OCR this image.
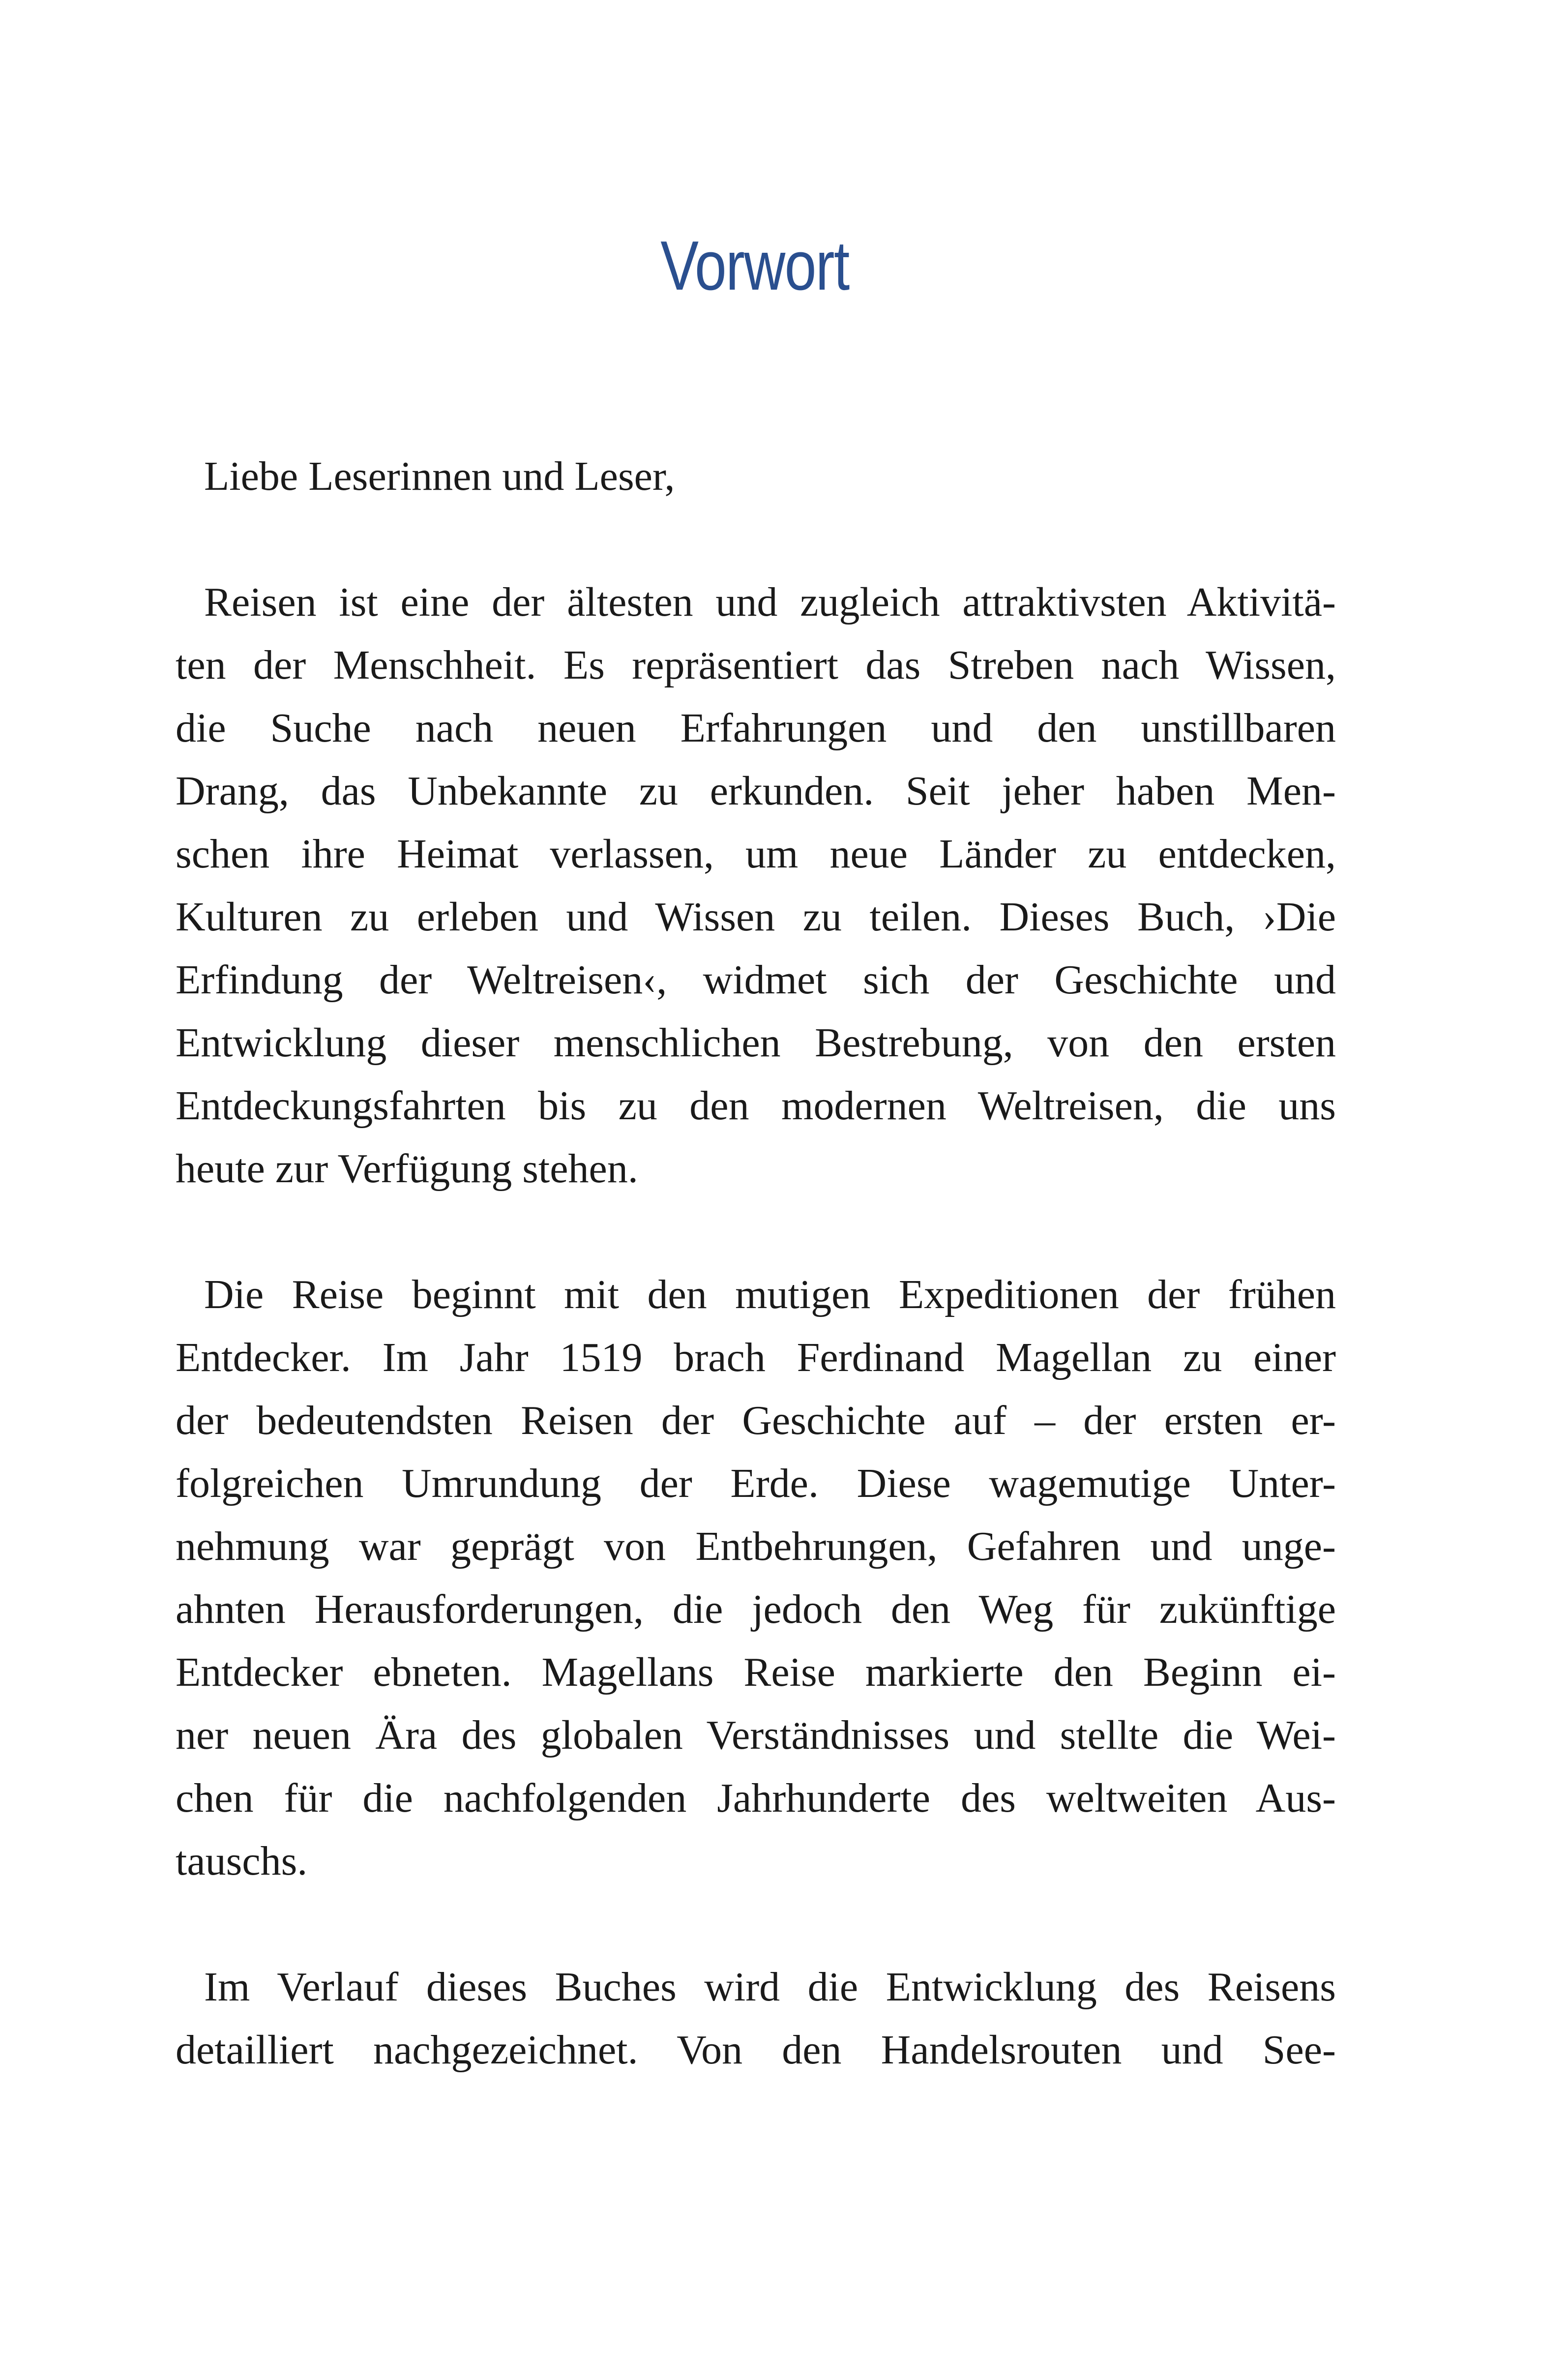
Vorwort
Liebe Leserinnen und Leser,
Reisen ist eine der ältesten und zugleich attraktivsten Aktivitä-
ten der Menschheit. Es repräsentiert das Streben nach Wissen,
die Suche nach neuen Erfahrungen und den unstillbaren
Drang, das Unbekannte zu erkunden. Seit jeher haben Men-
schen ihre Heimat verlassen, um neue Länder zu entdecken,
Kulturen zu erleben und Wissen zu teilen. Dieses Buch, ›Die
Erfindung der Weltreisen‹, widmet sich der Geschichte und
Entwicklung dieser menschlichen Bestrebung, von den ersten
Entdeckungsfahrten bis zu den modernen Weltreisen, die uns
heute zur Verfügung stehen.
Die Reise beginnt mit den mutigen Expeditionen der frühen
Entdecker. Im Jahr 1519 brach Ferdinand Magellan zu einer
der bedeutendsten Reisen der Geschichte auf – der ersten er-
folgreichen Umrundung der Erde. Diese wagemutige Unter-
nehmung war geprägt von Entbehrungen, Gefahren und unge-
ahnten Herausforderungen, die jedoch den Weg für zukünftige
Entdecker ebneten. Magellans Reise markierte den Beginn ei-
ner neuen Ära des globalen Verständnisses und stellte die Wei-
chen für die nachfolgenden Jahrhunderte des weltweiten Aus-
tauschs.
Im Verlauf dieses Buches wird die Entwicklung des Reisens
detailliert nachgezeichnet. Von den Handelsrouten und See-
